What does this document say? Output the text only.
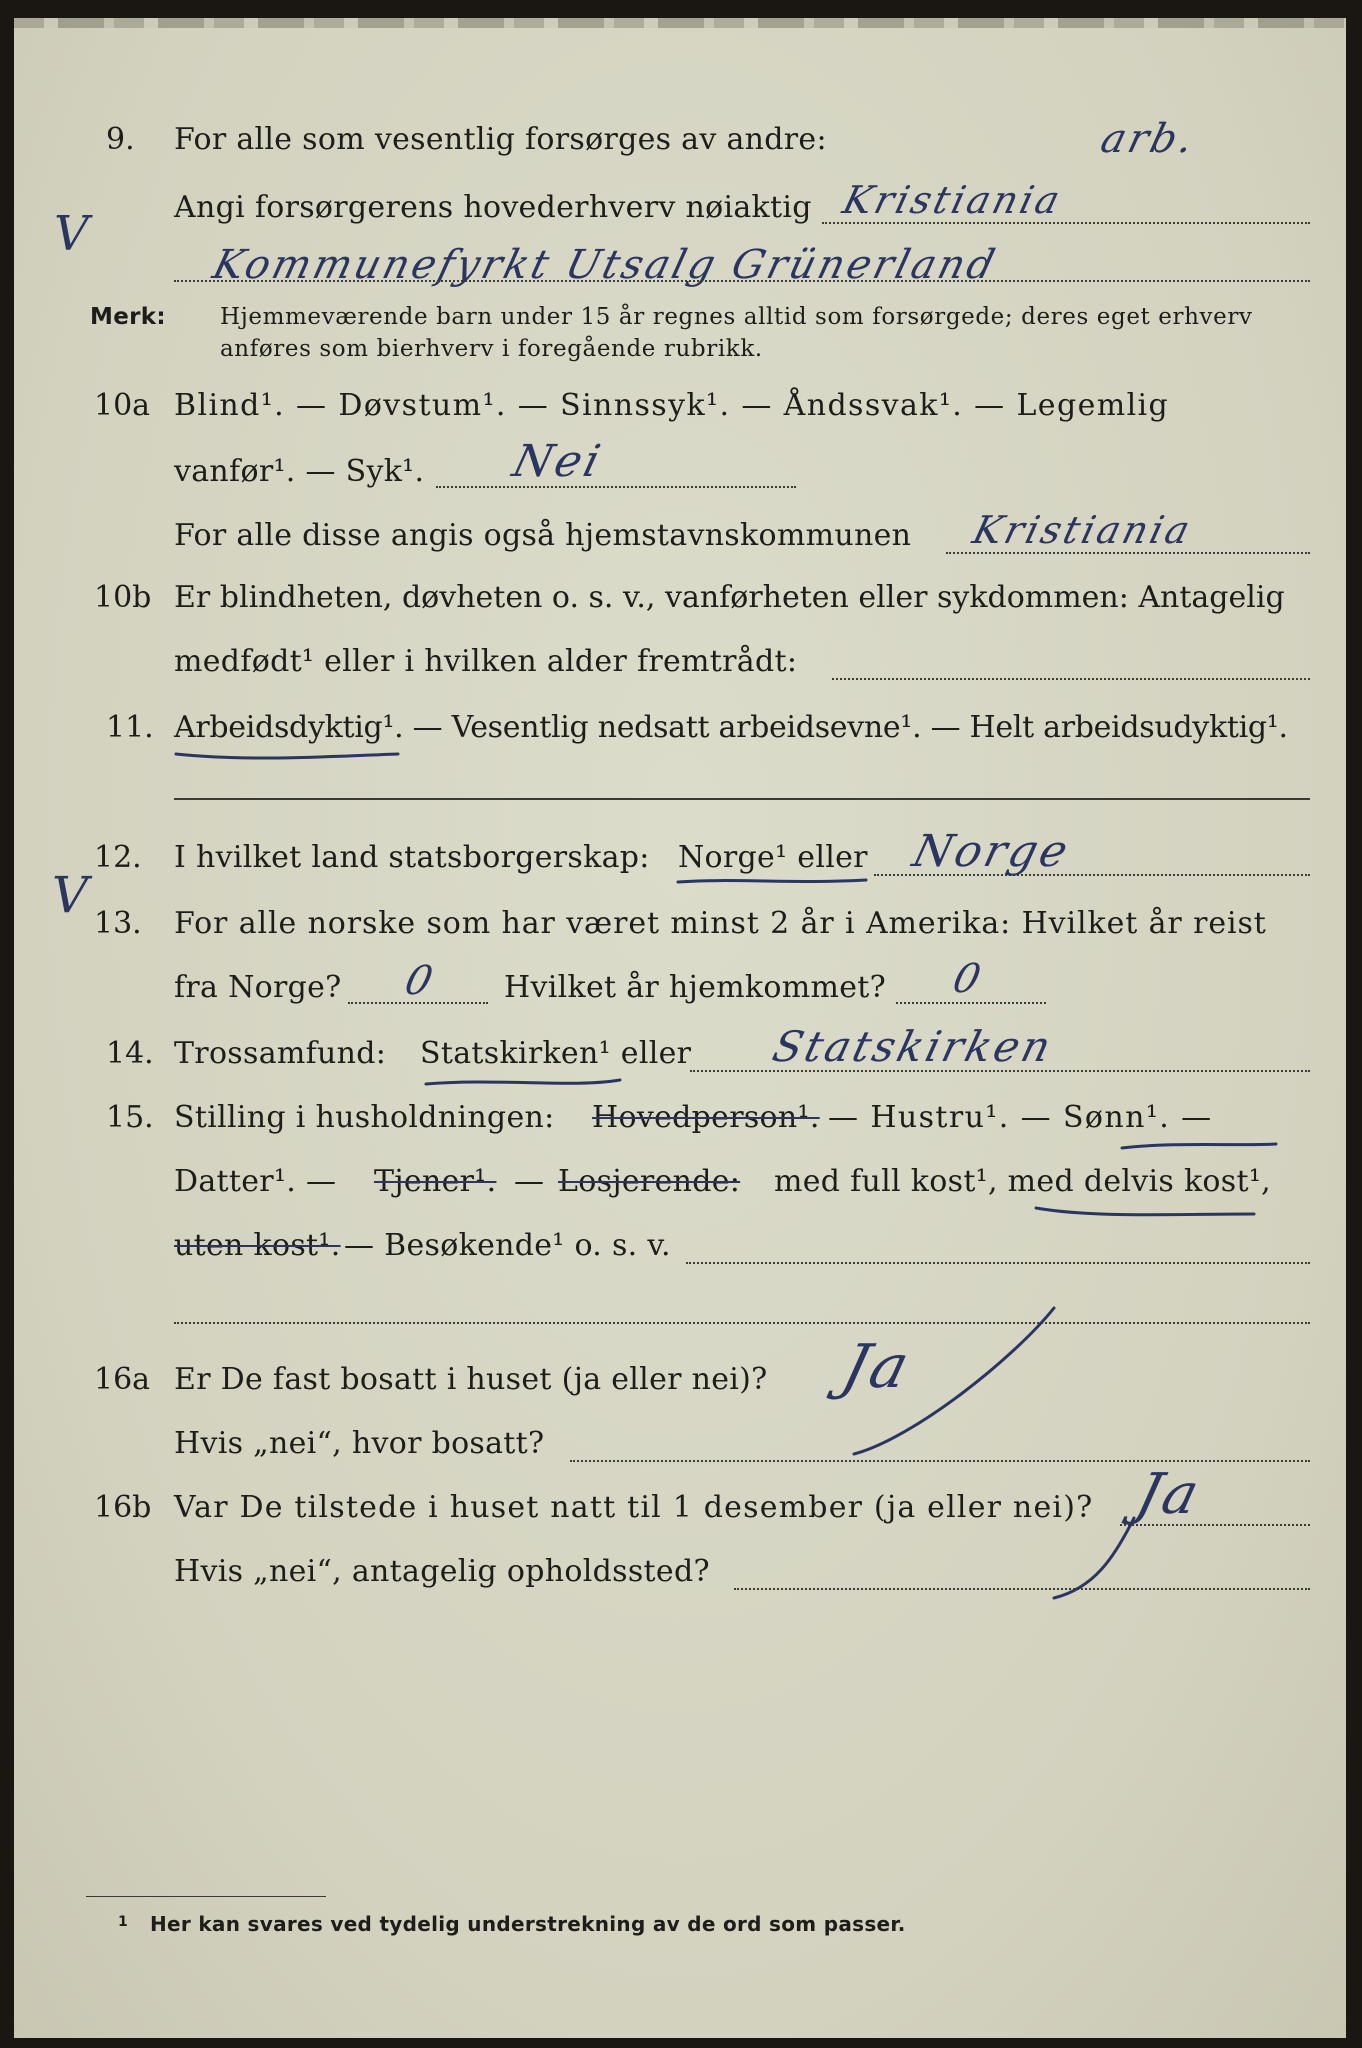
9. For alle som vesentlig forsørges av andre:	arb.
V	Angi forsørgerens hovederhverv nøiaktig Kristiania
Kommunefyrkt Utsalg Grünerland
Merk: Hjemmeværende barn under 15 år regnes alltid som forsørgede; deres eget erhverv
anføres som bierhverv i foregående rubrikk.
10a Blind¹. — Døvstum¹. — Sinnssyk¹. — Åndssvak¹. — Legemlig
vanfør¹. — Syk¹. Nei
For alle disse angis også hjemstavnskommunen Kristiania
10b Er blindheten, døvheten o. s. v., vanførheten eller sykdommen: Antagelig
medfødt¹ eller i hvilken alder fremtrådt:
11. Arbeidsdyktig¹. — Vesentlig nedsatt arbeidsevne¹. — Helt arbeidsudyktig¹.
V
12. I hvilket land statsborgerskap: Norge¹ eller Norge
13. For alle norske som har været minst 2 år i Amerika: Hvilket år reist
fra Norge? 0 Hvilket år hjemkommet? 0
14. Trossamfund: Statskirken¹ eller Statskirken
15. Stilling i husholdningen: Hovedperson¹. — Hustru¹. — Sønn¹. —
Datter¹. — Tjener¹. — Losjerende: med full kost¹, med delvis kost¹,
uten kost¹. — Besøkende¹ o. s. v.
16a Er De fast bosatt i huset (ja eller nei)? Ja
Hvis „nei“, hvor bosatt?
16b Var De tilstede i huset natt til 1 desember (ja eller nei)? Ja
Hvis „nei“, antagelig opholdssted?
1 Her kan svares ved tydelig understrekning av de ord som passer.
